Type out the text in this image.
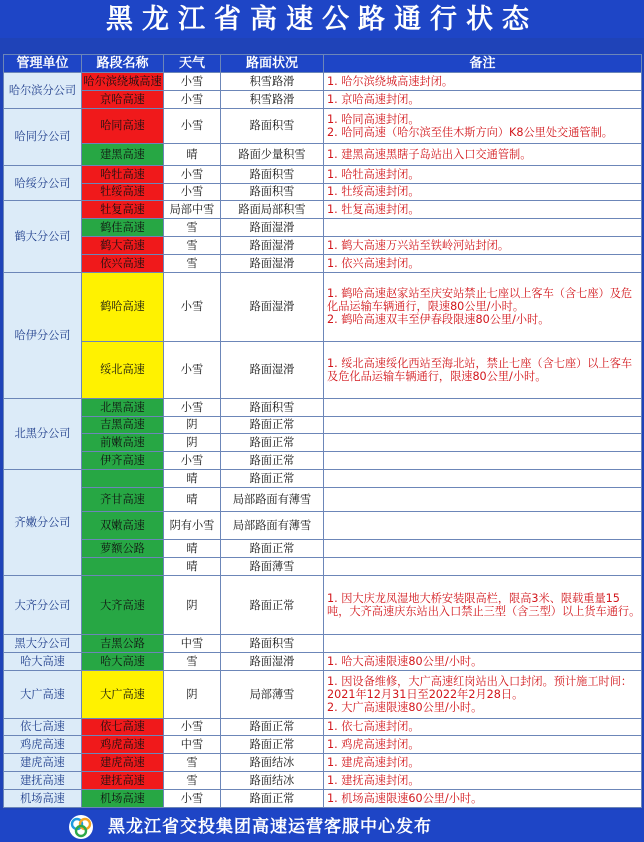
黑龙江省高速公路通行状态
管理单位	路段名称	天气	路面状况	备注
哈尔滨分公司	哈尔滨绕城高速	小雪	积雪路滑	1. 哈尔滨绕城高速封闭。

	京哈高速	小雪	积雪路滑	1. 京哈高速封闭。

哈同分公司	哈同高速	小雪	路面积雪	1. 哈同高速封闭。
2. 哈同高速（哈尔滨至佳木斯方向）K8公里处交通管制。

	建黑高速	晴	路面少量积雪	1. 建黑高速黑瞎子岛站出入口交通管制。

哈绥分公司	哈牡高速	小雪	路面积雪	1. 哈牡高速封闭。

	牡绥高速	小雪	路面积雪	1. 牡绥高速封闭。

鹤大分公司	牡复高速	局部中雪	路面局部积雪	1. 牡复高速封闭。

	鹤佳高速	雪	路面湿滑	
	鹤大高速	雪	路面湿滑	1. 鹤大高速万兴站至铁岭河站封闭。

	依兴高速	雪	路面湿滑	1. 依兴高速封闭。

哈伊分公司	鹤哈高速	小雪	路面湿滑	1. 鹤哈高速赵家站至庆安站禁止七座以上客车（含七座）及危化品运输车辆通行，限速80公里/小时。
2. 鹤哈高速双丰至伊春段限速80公里/小时。

	绥北高速	小雪	路面湿滑	1. 绥北高速绥化西站至海北站，禁止七座（含七座）以上客车及危化品运输车辆通行，限速80公里/小时。

北黑分公司	北黑高速	小雪	路面积雪	
	吉黑高速	阴	路面正常	
	前嫩高速	阴	路面正常	
	伊齐高速	小雪	路面正常	
齐嫩分公司		晴	路面正常	
	齐甘高速	晴	局部路面有薄雪	
	双嫩高速	阴有小雪	局部路面有薄雪	
	萝额公路	晴	路面正常	
		晴	路面薄雪	
大齐分公司	大齐高速	阴	路面正常	1. 因大庆龙凤湿地大桥安装限高栏，限高3米、限载重量15吨，大齐高速庆东站出入口禁止三型（含三型）以上货车通行。

黑大分公司	吉黑公路	中雪	路面积雪	
哈大高速	哈大高速	雪	路面湿滑	1. 哈大高速限速80公里/小时。

大广高速	大广高速	阴	局部薄雪	1. 因设备维修，大广高速红岗站出入口封闭。预计施工时间：2021年12月31日至2022年2月28日。
2. 大广高速限速80公里/小时。

依七高速	依七高速	小雪	路面正常	1. 依七高速封闭。

鸡虎高速	鸡虎高速	中雪	路面正常	1. 鸡虎高速封闭。

建虎高速	建虎高速	雪	路面结冰	1. 建虎高速封闭。

建抚高速	建抚高速	雪	路面结冰	1. 建抚高速封闭。

机场高速	机场高速	小雪	路面正常	1. 机场高速限速60公里/小时。
黑龙江省交投集团高速运营客服中心发布
